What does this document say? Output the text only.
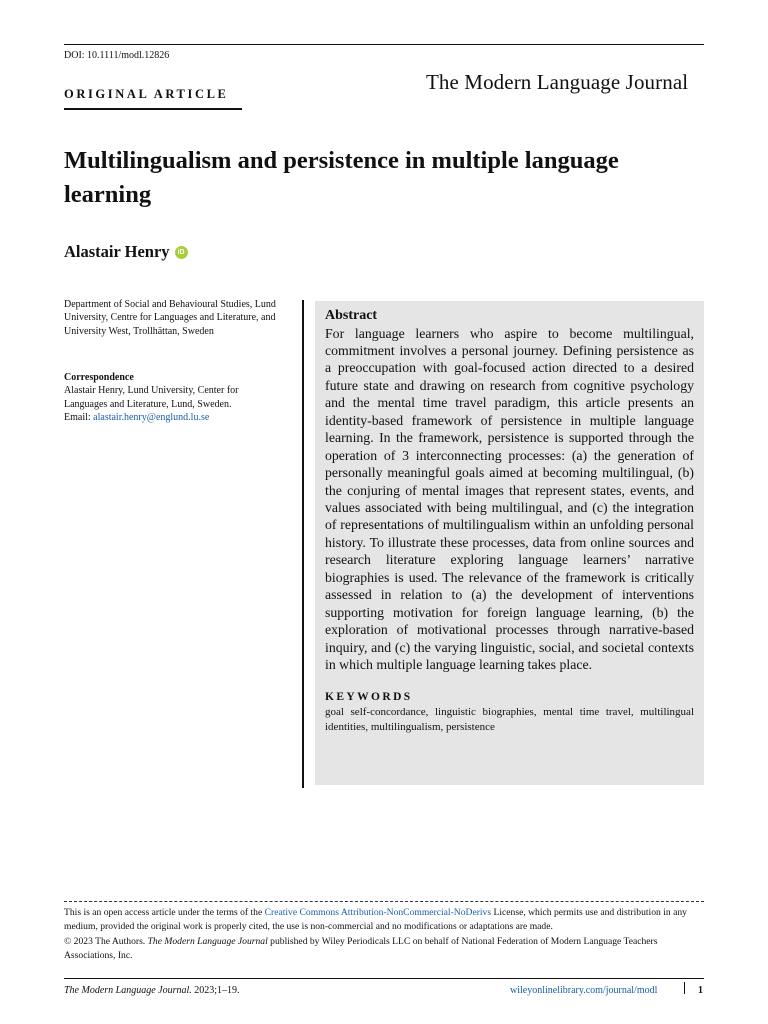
DOI: 10.1111/modl.12826
The Modern Language Journal
ORIGINAL ARTICLE
Multilingualism and persistence in multiple language learning
Alastair Henry	iD
Department of Social and Behavioural Studies, Lund University, Centre for Languages and Literature, and University West, Trollhättan, Sweden
Correspondence
Alastair Henry, Lund University, Center for Languages and Literature, Lund, Sweden.
Email: alastair.henry@englund.lu.se
Abstract
For language learners who aspire to become multilingual, commitment involves a personal journey. Defining persistence as a preoccupation with goal-focused action directed to a desired future state and drawing on research from cognitive psychology and the mental time travel paradigm, this article presents an identity-based framework of persistence in multiple language learning. In the framework, persistence is supported through the operation of 3 interconnecting processes: (a) the generation of personally meaningful goals aimed at becoming multilingual, (b) the conjuring of mental images that represent states, events, and values associated with being multilingual, and (c) the integration of representations of multilingualism within an unfolding personal history. To illustrate these processes, data from online sources and research literature exploring language learners’ narrative biographies is used. The relevance of the framework is critically assessed in relation to (a) the development of interventions supporting motivation for foreign language learning, (b) the exploration of motivational processes through narrative-based inquiry, and (c) the varying linguistic, social, and societal contexts in which multiple language learning takes place.
KEYWORDS
goal self-concordance, linguistic biographies, mental time travel, multilingual identities, multilingualism, persistence
This is an open access article under the terms of the Creative Commons Attribution-NonCommercial-NoDerivs License, which permits use and distribution in any medium, provided the original work is properly cited, the use is non-commercial and no modifications or adaptations are made.
© 2023 The Authors. The Modern Language Journal published by Wiley Periodicals LLC on behalf of National Federation of Modern Language Teachers Associations, Inc.
The Modern Language Journal. 2023;1–19.	wileyonlinelibrary.com/journal/modl	1
